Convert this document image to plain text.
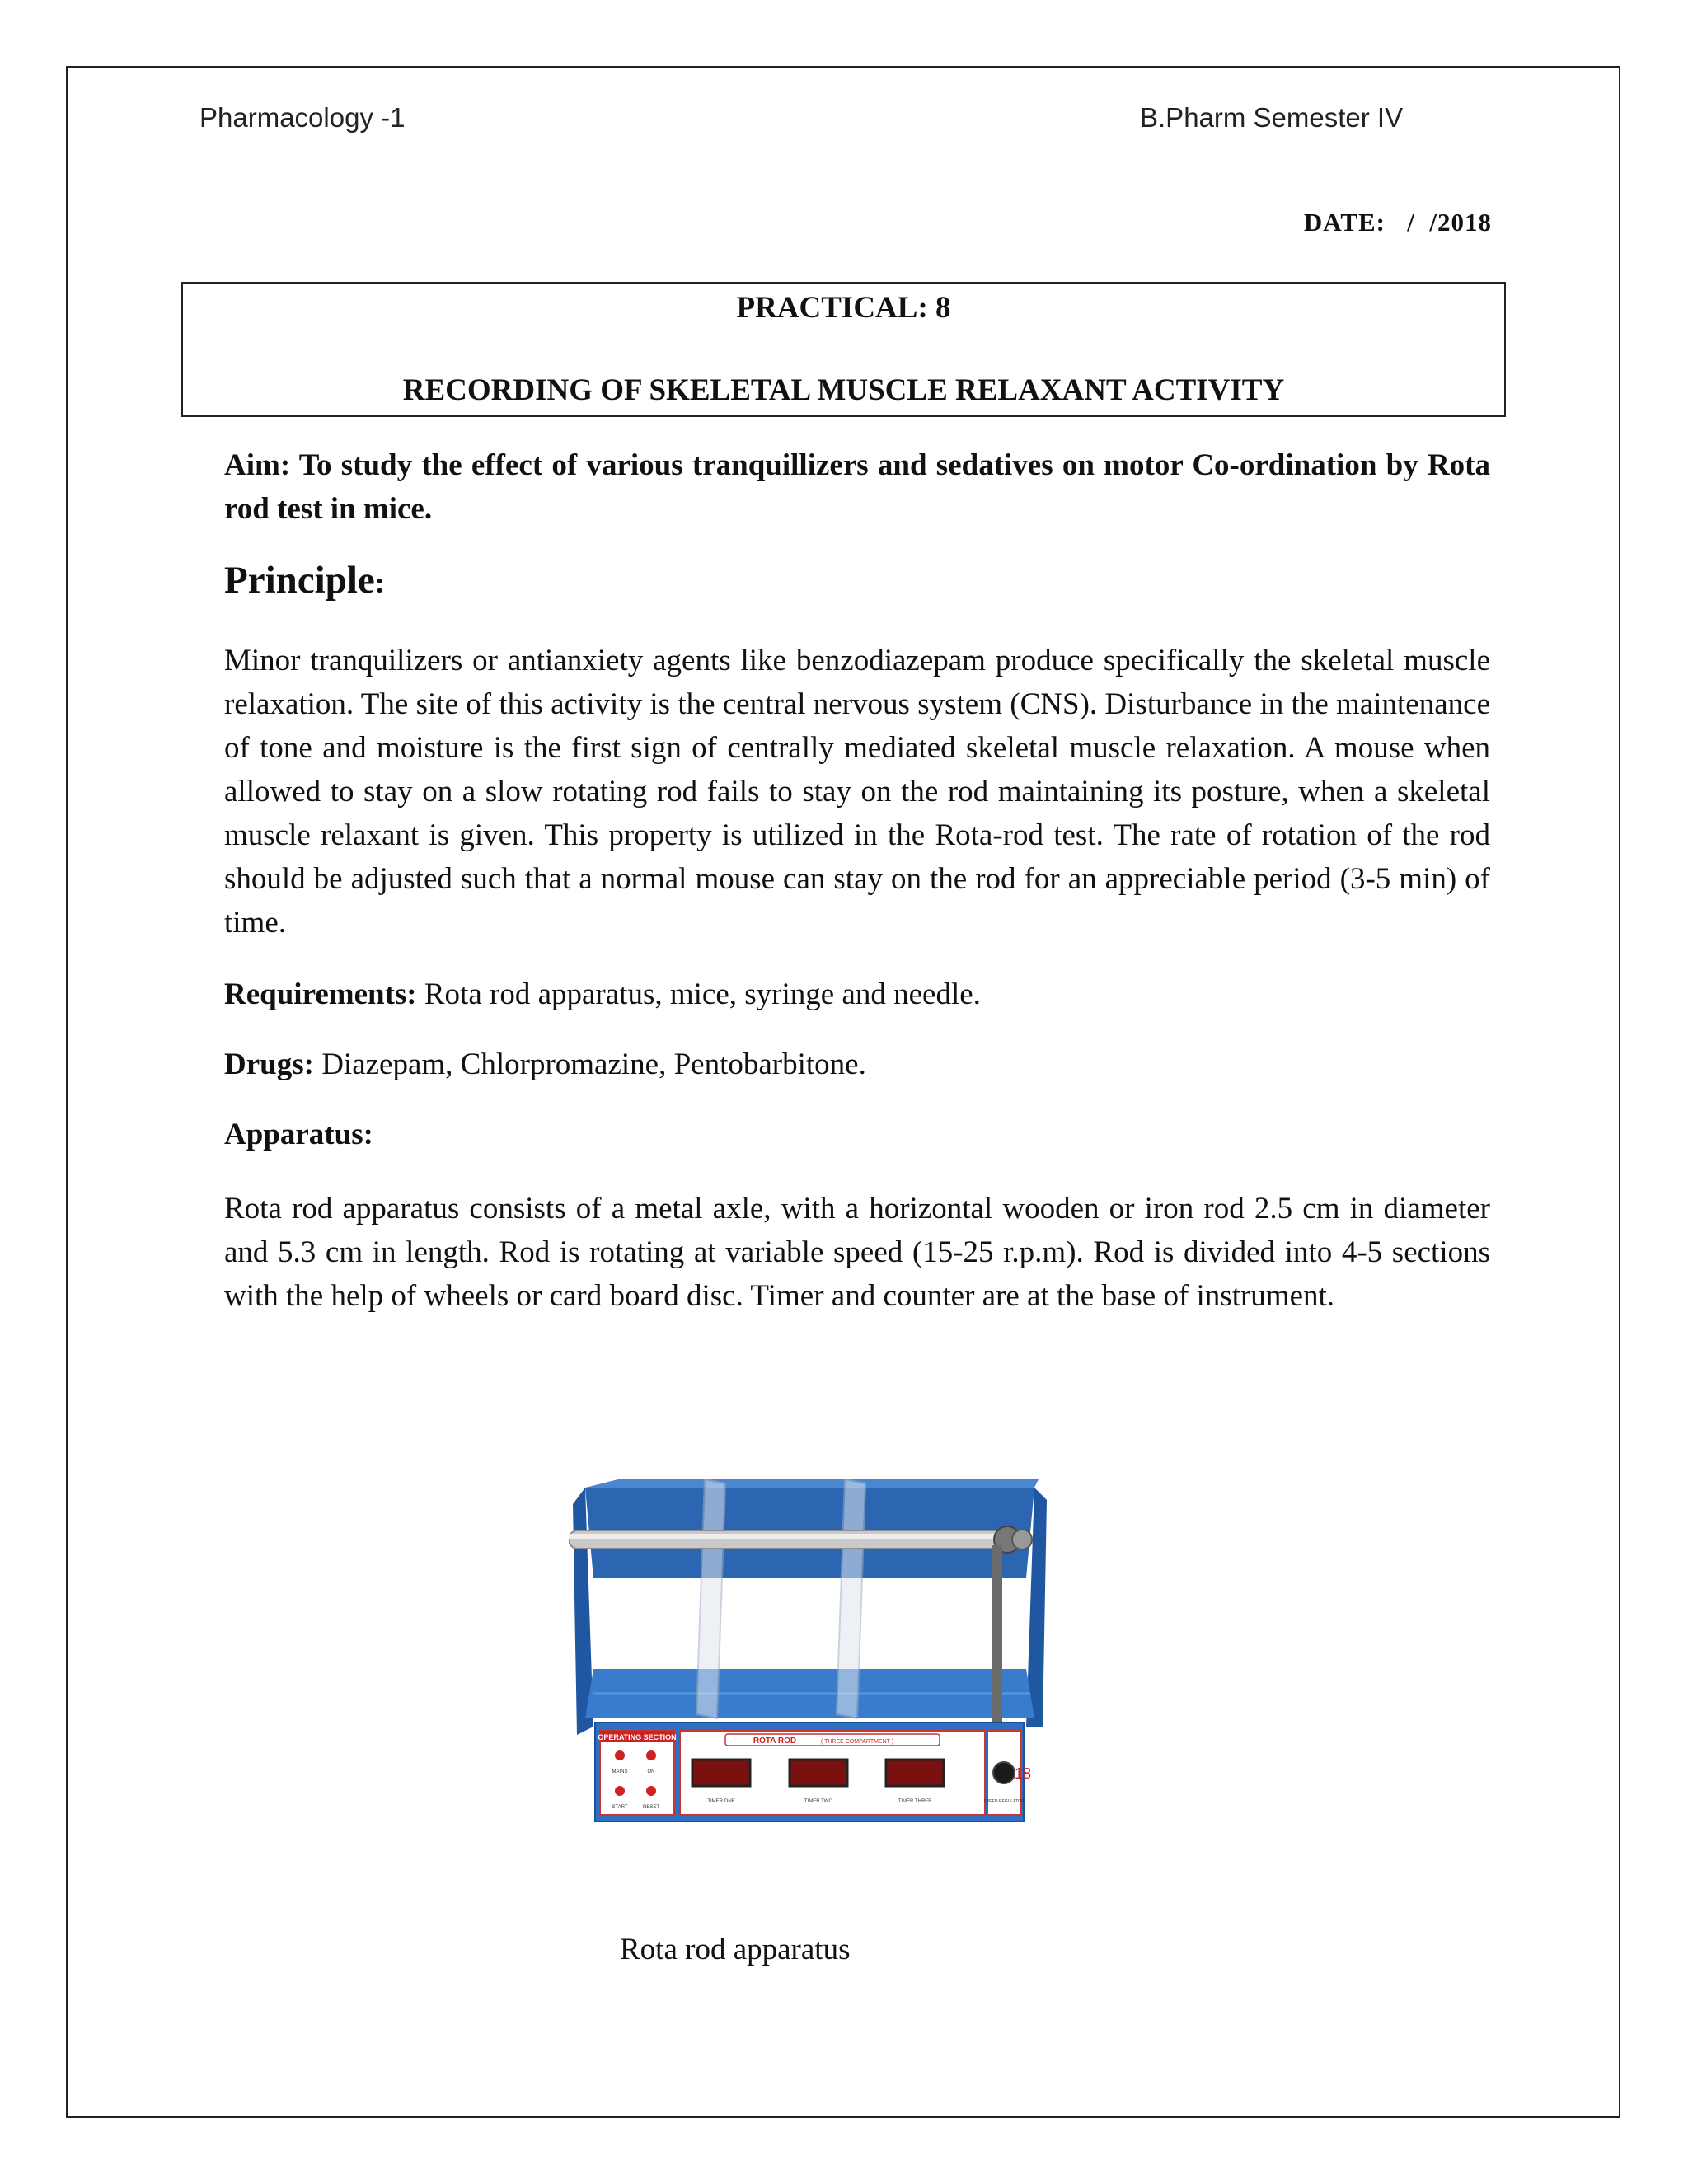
Pharmacology -1	B.Pharm Semester IV
DATE:   /  /2018
PRACTICAL: 8
RECORDING OF SKELETAL MUSCLE RELAXANT ACTIVITY
Aim: To study the effect of various tranquillizers and sedatives on motor Co-ordination by Rota rod test in mice.
Principle:
Minor tranquilizers or antianxiety agents like benzodiazepam produce specifically the skeletal muscle relaxation. The site of this activity is the central nervous system (CNS). Disturbance in the maintenance of tone and moisture is the first sign of centrally mediated skeletal muscle relaxation. A mouse when allowed to stay on a slow rotating rod fails to stay on the rod maintaining its posture, when a skeletal muscle relaxant is given. This property is utilized in the Rota-rod test. The rate of rotation of the rod should be adjusted such that a normal mouse can stay on the rod for an appreciable period (3-5 min) of time.
Requirements: Rota rod apparatus, mice, syringe and needle.
Drugs: Diazepam, Chlorpromazine, Pentobarbitone.
Apparatus:
Rota rod apparatus consists of a metal axle, with a horizontal wooden or iron rod 2.5 cm in diameter and 5.3 cm in length. Rod is rotating at variable speed (15-25 r.p.m). Rod is divided into 4-5 sections with the help of wheels or card board disc. Timer and counter are at the base of instrument.
OPERATING SECTION
MAINS	ON
START	RESET
ROTA ROD	( THREE COMPARTMENT )
TIMER ONE	TIMER TWO	TIMER THREE
18
SPEED REGULATOR
Rota rod apparatus
